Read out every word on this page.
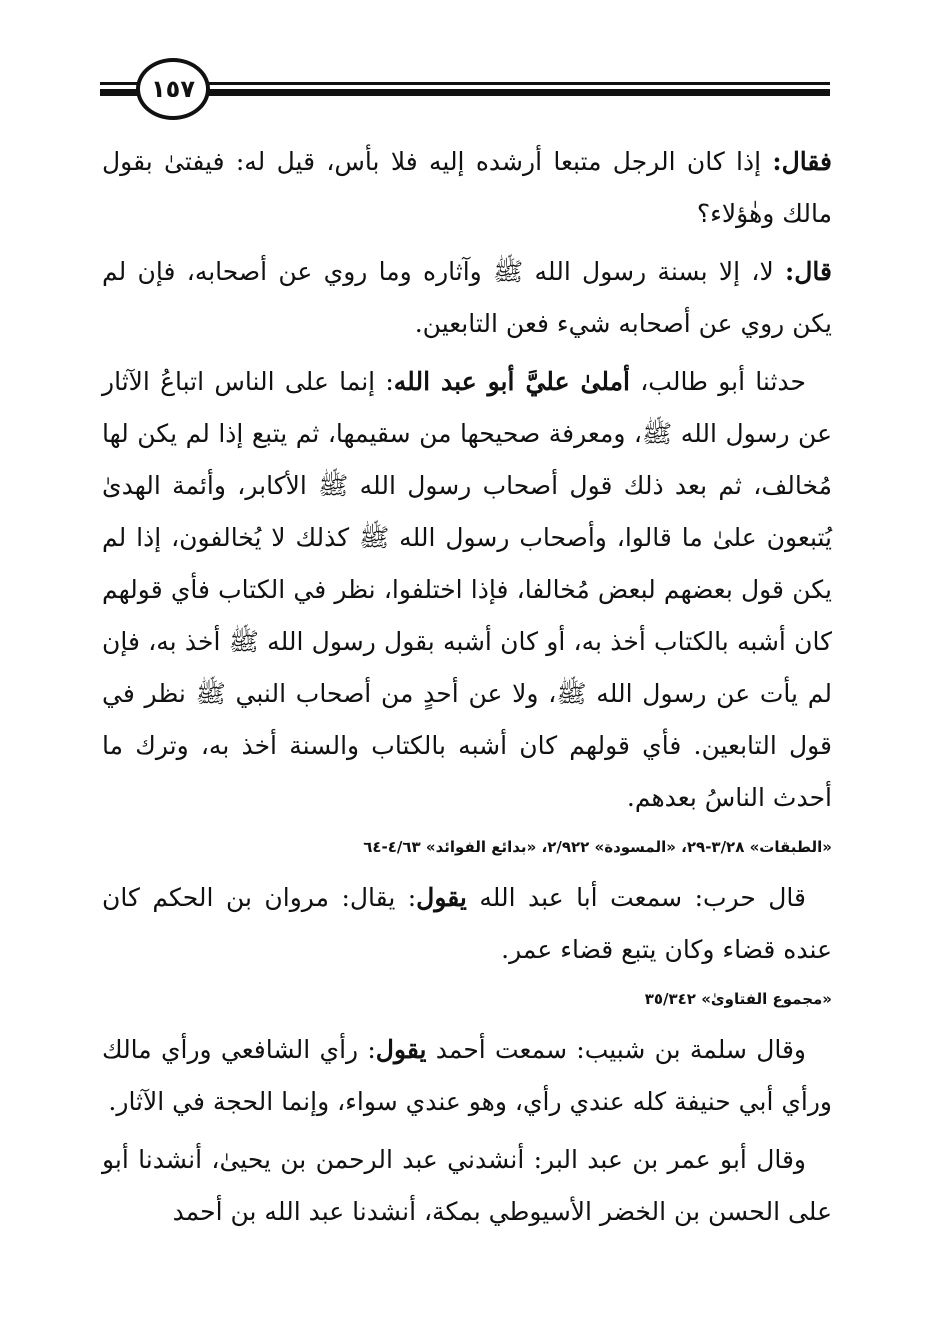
١٥٧

فقال: إذا كان الرجل متبعا أرشده إليه فلا بأس، قيل له: فيفتىٰ بقول مالك وهٰؤلاء؟

قال: لا، إلا بسنة رسول الله ﷺ وآثاره وما روي عن أصحابه، فإن لم يكن روي عن أصحابه شيء فعن التابعين.

حدثنا أبو طالب، أملىٰ عليَّ أبو عبد الله: إنما على الناس اتباعُ الآثار عن رسول الله ﷺ، ومعرفة صحيحها من سقيمها، ثم يتبع إذا لم يكن لها مُخالف، ثم بعد ذلك قول أصحاب رسول الله ﷺ الأكابر، وأئمة الهدىٰ يُتبعون علىٰ ما قالوا، وأصحاب رسول الله ﷺ كذلك لا يُخالفون، إذا لم يكن قول بعضهم لبعض مُخالفا، فإذا اختلفوا، نظر في الكتاب فأي قولهم كان أشبه بالكتاب أخذ به، أو كان أشبه بقول رسول الله ﷺ أخذ به، فإن لم يأت عن رسول الله ﷺ، ولا عن أحدٍ من أصحاب النبي ﷺ نظر في قول التابعين. فأي قولهم كان أشبه بالكتاب والسنة أخذ به، وترك ما أحدث الناسُ بعدهم.

«الطبقات» ٣/٢٨-٢٩، «المسودة» ٢/٩٢٢، «بدائع الفوائد» ٤/٦٣-٦٤

قال حرب: سمعت أبا عبد الله يقول: يقال: مروان بن الحكم كان عنده قضاء وكان يتبع قضاء عمر.

«مجموع الفتاوىٰ» ٣٥/٣٤٢

وقال سلمة بن شبيب: سمعت أحمد يقول: رأي الشافعي ورأي مالك ورأي أبي حنيفة كله عندي رأي، وهو عندي سواء، وإنما الحجة في الآثار.

وقال أبو عمر بن عبد البر: أنشدني عبد الرحمن بن يحيىٰ، أنشدنا أبو على الحسن بن الخضر الأسيوطي بمكة، أنشدنا عبد الله بن أحمد
